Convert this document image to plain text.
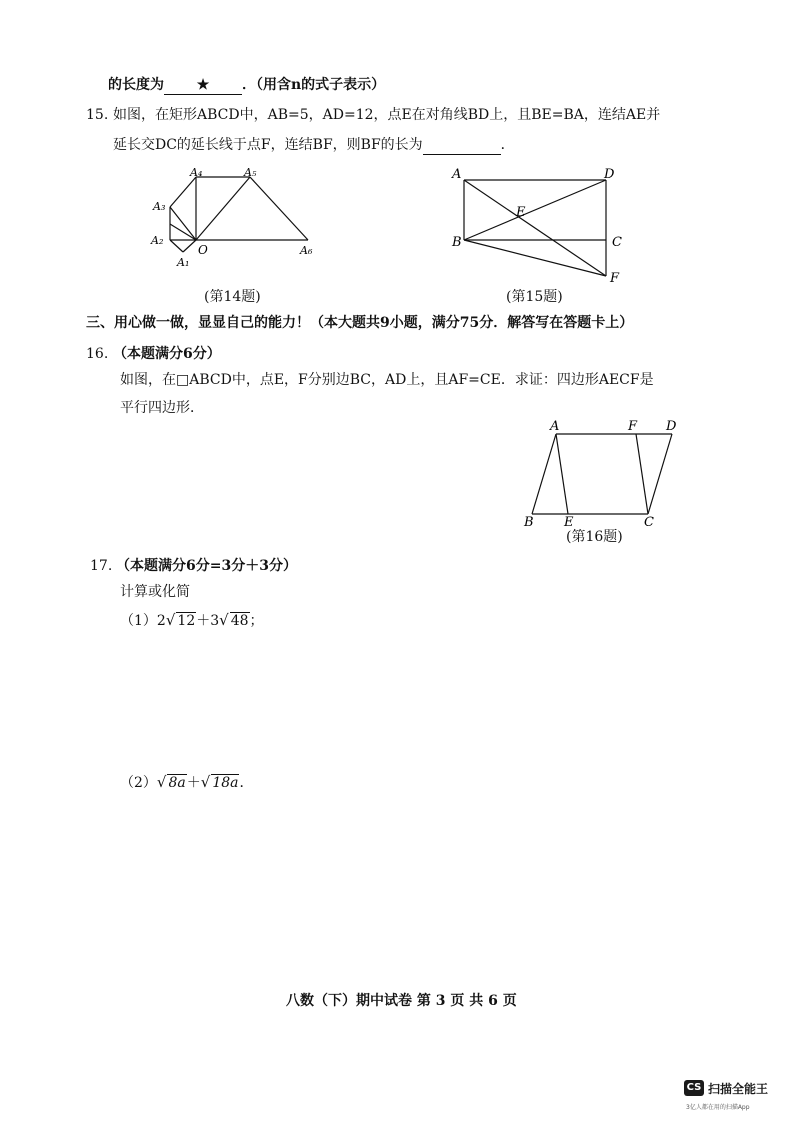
的长度为 ★ ．（用含n的式子表示）
15. 如图，在矩形ABCD中，AB=5，AD=12，点E在对角线BD上，且BE=BA，连结AE并
延长交DC的延长线于点F，连结BF，则BF的长为	．
A₄	A₅
A₃
A₂
A₁
O	A₆
(第14题)
A	D
E
B	C
F
(第15题)
三、用心做一做，显显自己的能力！（本大题共9小题，满分75分．解答写在答题卡上）
16. （本题满分6分）
如图，在□ABCD中，点E，F分别边BC，AD上，且AF=CE．求证：四边形AECF是
平行四边形．
A	F D
B E	C
(第16题)
17. （本题满分6分=3分＋3分）
计算或化简
（1）2√ 12＋3√ 48；
（2）√ 8a＋√ 18a．
八数（下）期中试卷 第 3 页 共 6 页
CS 扫描全能王
3亿人都在用的扫描App
